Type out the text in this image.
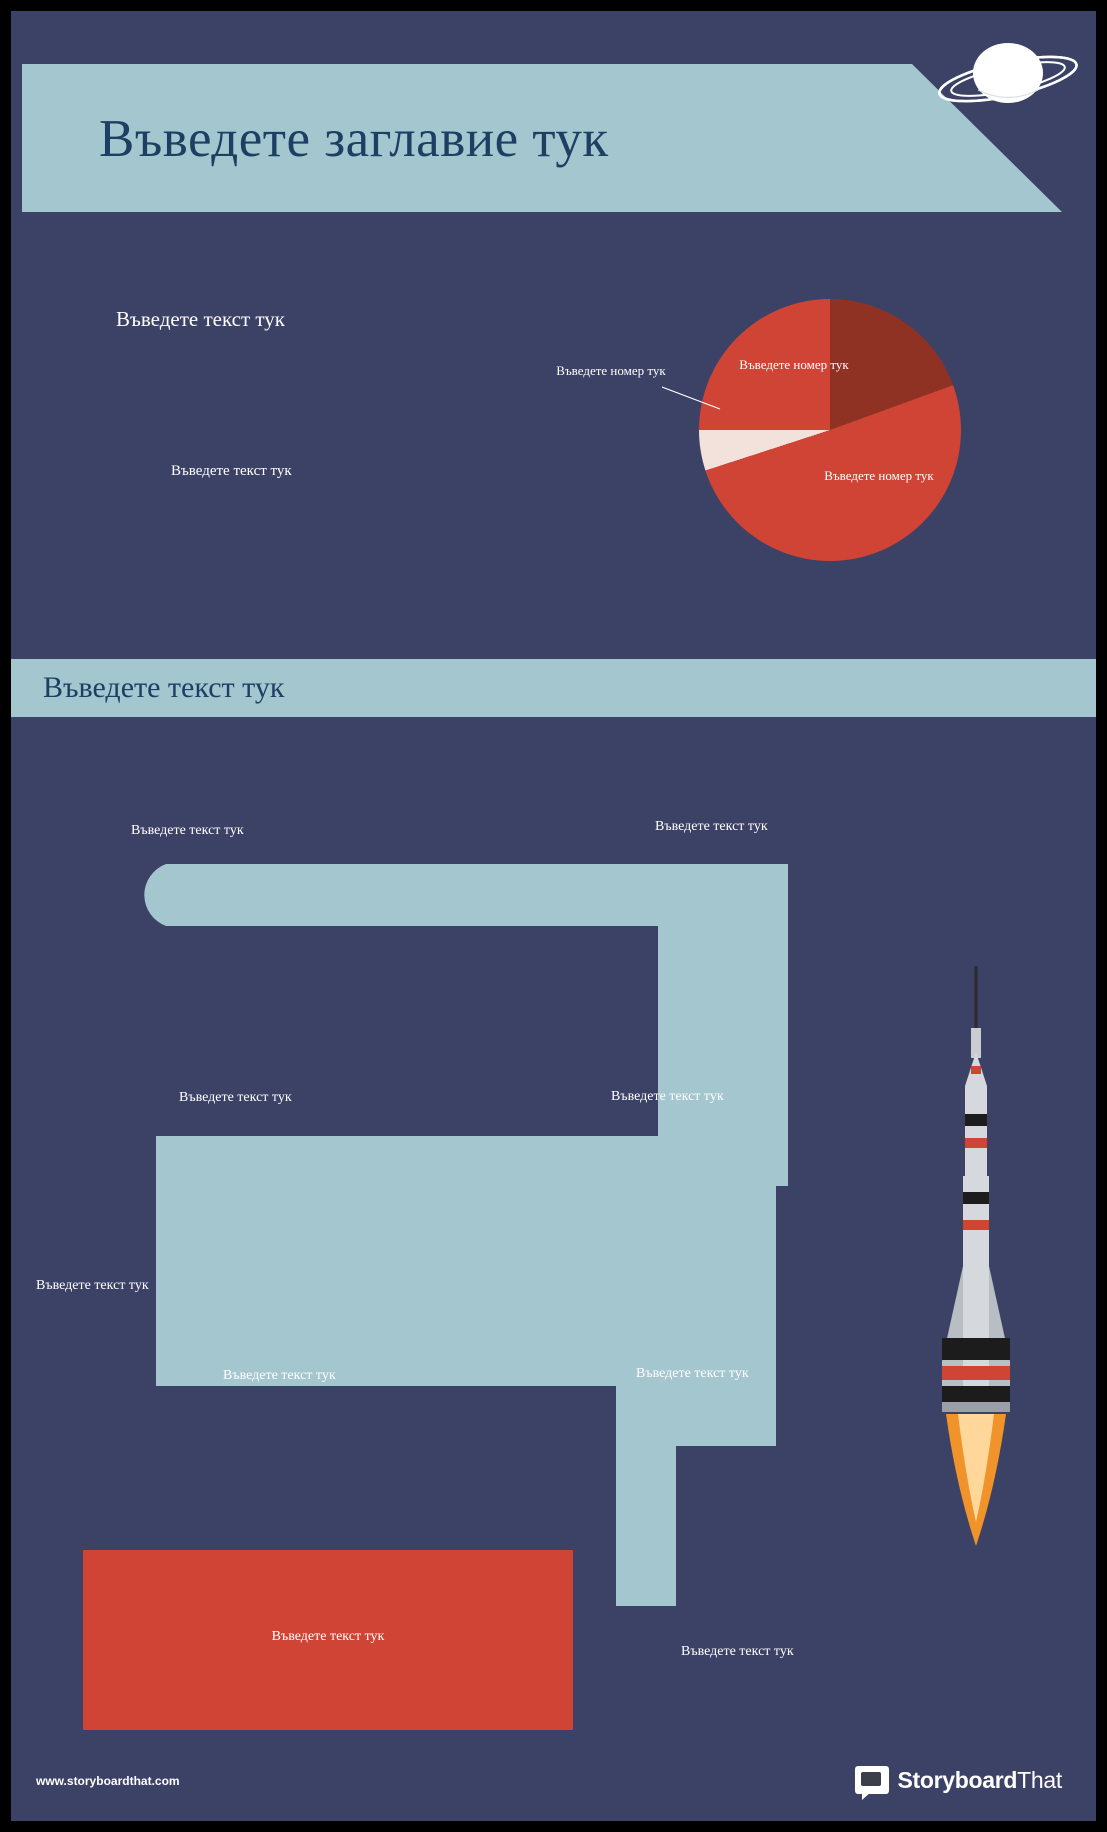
Въведете заглавие тук
Въведете текст тук
Въведете текст тук
Въведете номер тук
Въведете номер тук
Въведете номер тук
Въведете текст тук
Въведете текст тук	Въведете текст тук
Въведете текст тук	Въведете текст тук
Въведете текст тук
Въведете текст тук	Въведете текст тук
Въведете текст тук
Въведете текст тук
www.storyboardthat.com	StoryboardThat
